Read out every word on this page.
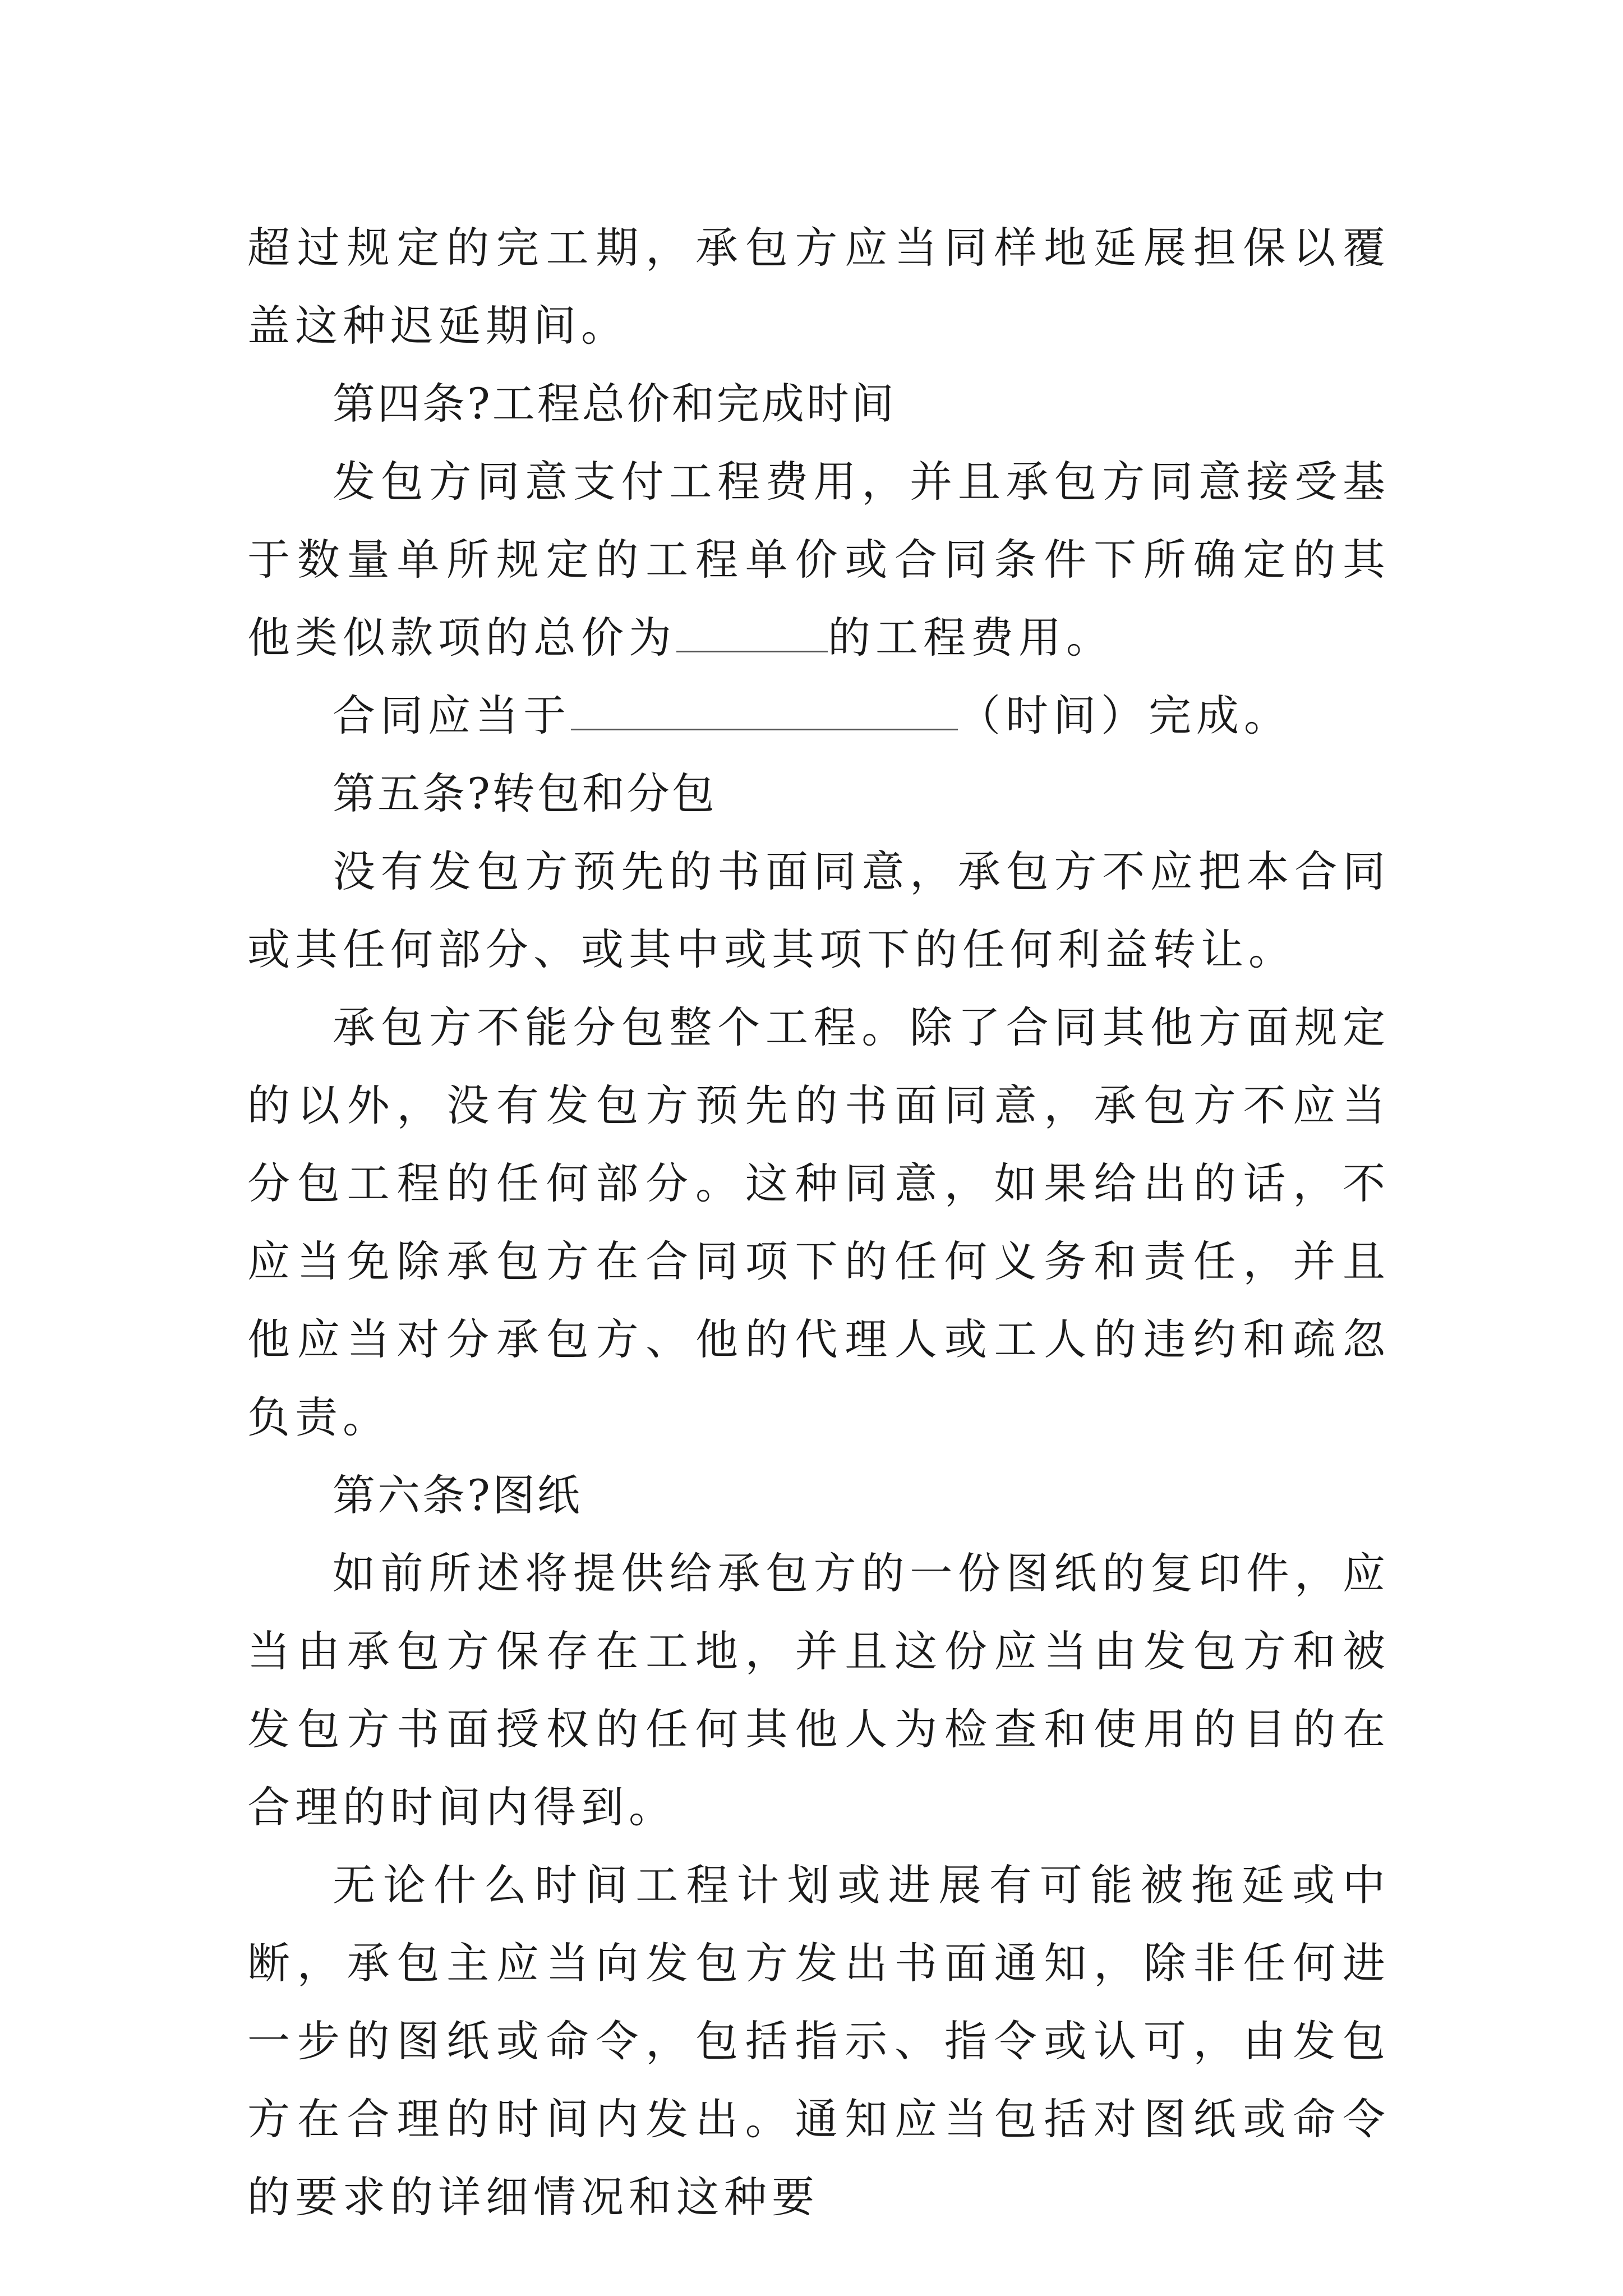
超过规定的完工期，承包方应当同样地延展担保以覆盖这种迟延期间。

第四条?工程总价和完成时间

发包方同意支付工程费用，并且承包方同意接受基于数量单所规定的工程单价或合同条件下所确定的其他类似款项的总价为	的工程费用。

合同应当于	（时间）完成。

第五条?转包和分包

没有发包方预先的书面同意，承包方不应把本合同或其任何部分、或其中或其项下的任何利益转让。

承包方不能分包整个工程。除了合同其他方面规定的以外，没有发包方预先的书面同意，承包方不应当分包工程的任何部分。这种同意，如果给出的话，不应当免除承包方在合同项下的任何义务和责任，并且他应当对分承包方、他的代理人或工人的违约和疏忽负责。

第六条?图纸

如前所述将提供给承包方的一份图纸的复印件，应当由承包方保存在工地，并且这份应当由发包方和被发包方书面授权的任何其他人为检查和使用的目的在合理的时间内得到。

无论什么时间工程计划或进展有可能被拖延或中断，承包主应当向发包方发出书面通知，除非任何进一步的图纸或命令，包括指示、指令或认可，由发包方在合理的时间内发出。通知应当包括对图纸或命令的要求的详细情况和这种要
